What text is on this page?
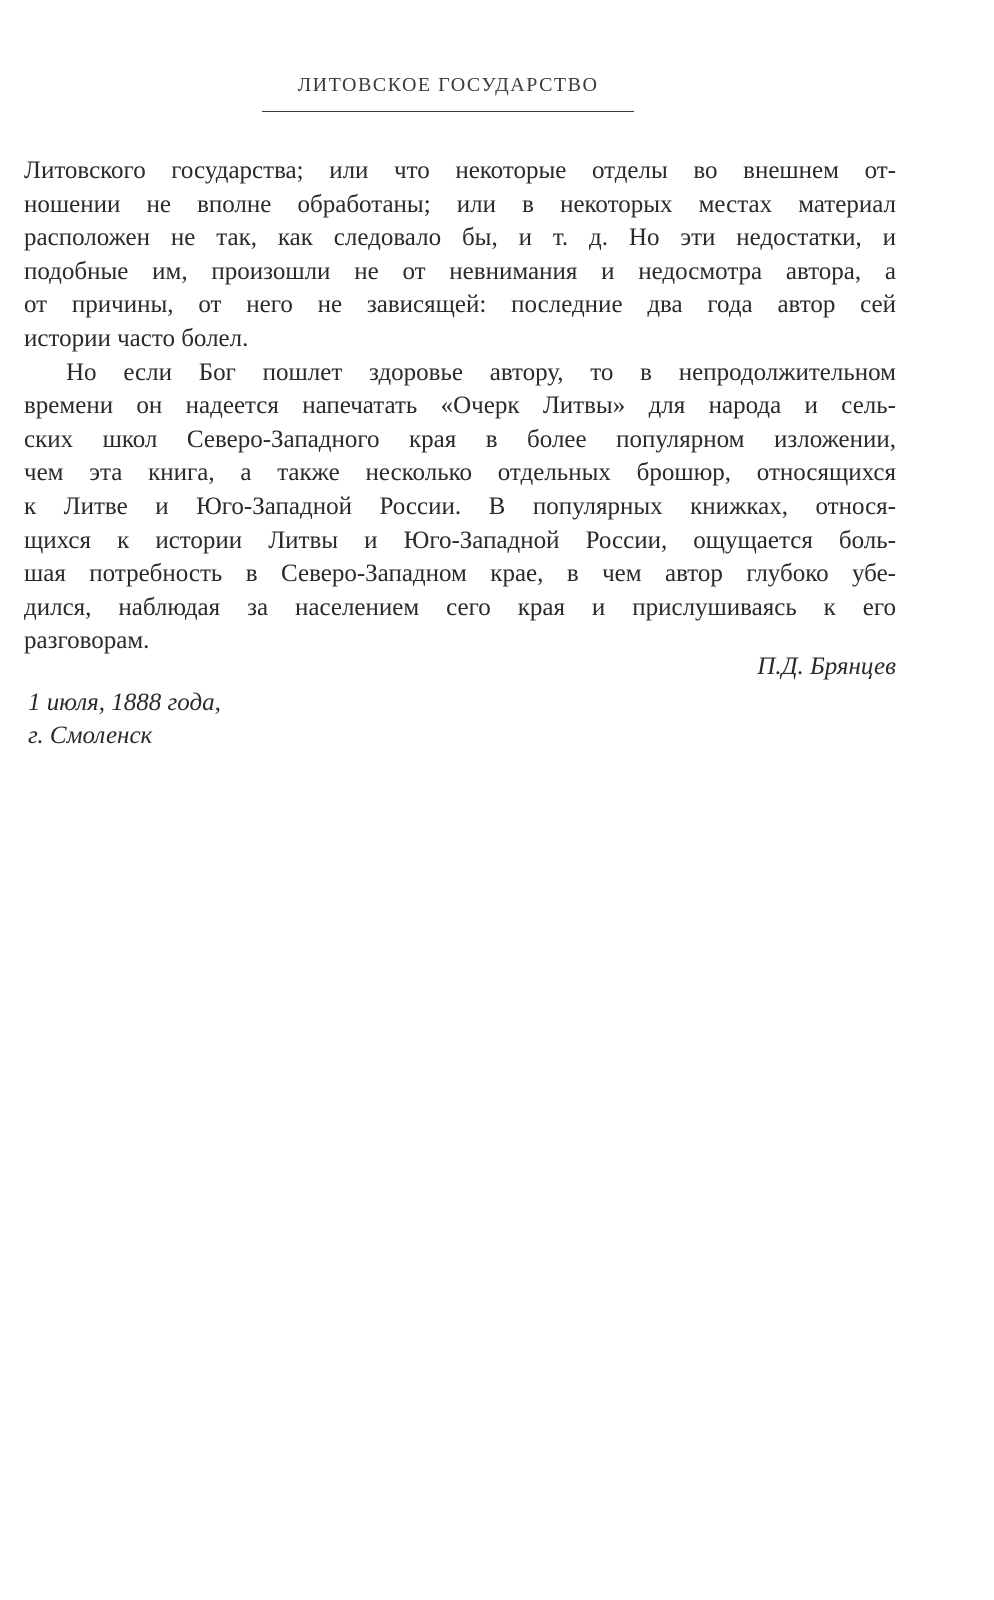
ЛИТОВСКОЕ ГОСУДАРСТВО
Литовского государства; или что некоторые отделы во внешнем от-
ношении не вполне обработаны; или в некоторых местах материал
расположен не так, как следовало бы, и т. д. Но эти недостатки, и
подобные им, произошли не от невнимания и недосмотра автора, а
от причины, от него не зависящей: последние два года автор сей
истории часто болел.
Но если Бог пошлет здоровье автору, то в непродолжительном
времени он надеется напечатать «Очерк Литвы» для народа и сель-
ских школ Северо-Западного края в более популярном изложении,
чем эта книга, а также несколько отдельных брошюр, относящихся
к Литве и Юго-Западной России. В популярных книжках, относя-
щихся к истории Литвы и Юго-Западной России, ощущается боль-
шая потребность в Северо-Западном крае, в чем автор глубоко убе-
дился, наблюдая за населением сего края и прислушиваясь к его
разговорам.
П.Д. Брянцев
1 июля, 1888 года,
г. Смоленск
